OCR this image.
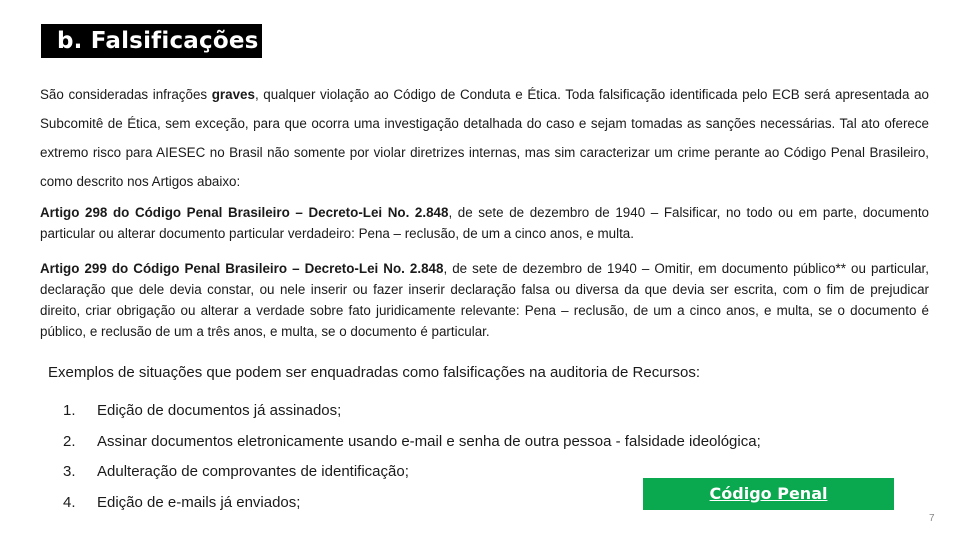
b. Falsificações
São consideradas infrações graves, qualquer violação ao Código de Conduta e Ética. Toda falsificação identificada pelo ECB será apresentada ao Subcomitê de Ética, sem exceção, para que ocorra uma investigação detalhada do caso e sejam tomadas as sanções necessárias. Tal ato oferece extremo risco para AIESEC no Brasil não somente por violar diretrizes internas, mas sim caracterizar um crime perante ao Código Penal Brasileiro, como descrito nos Artigos abaixo:
Artigo 298 do Código Penal Brasileiro – Decreto-Lei No. 2.848, de sete de dezembro de 1940 – Falsificar, no todo ou em parte, documento particular ou alterar documento particular verdadeiro: Pena – reclusão, de um a cinco anos, e multa.
Artigo 299 do Código Penal Brasileiro – Decreto-Lei No. 2.848, de sete de dezembro de 1940 – Omitir, em documento público** ou particular, declaração que dele devia constar, ou nele inserir ou fazer inserir declaração falsa ou diversa da que devia ser escrita, com o fim de prejudicar direito, criar obrigação ou alterar a verdade sobre fato juridicamente relevante: Pena – reclusão, de um a cinco anos, e multa, se o documento é público, e reclusão de um a três anos, e multa, se o documento é particular.
Exemplos de situações que podem ser enquadradas como falsificações na auditoria de Recursos:
1.	Edição de documentos já assinados;
2.	Assinar documentos eletronicamente usando e-mail e senha de outra pessoa - falsidade ideológica;
3.	Adulteração de comprovantes de identificação;
4.	Edição de e-mails já enviados;	Código Penal
7
